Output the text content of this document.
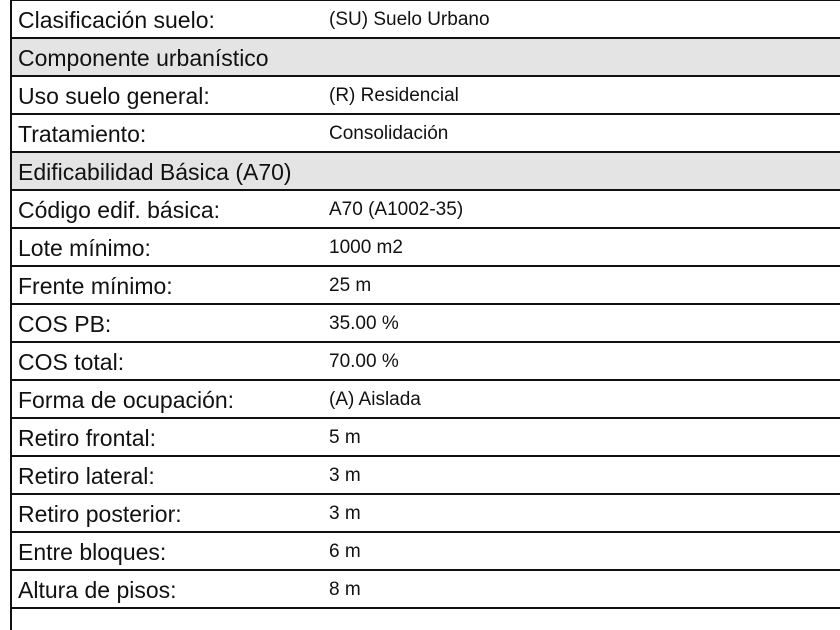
Clasificación suelo:	(SU) Suelo Urbano
Componente urbanístico
Uso suelo general:	(R) Residencial
Tratamiento:	Consolidación
Edificabilidad Básica (A70)
Código edif. básica:	A70 (A1002-35)
Lote mínimo:	1000 m2
Frente mínimo:	25 m
COS PB:	35.00 %
COS total:	70.00 %
Forma de ocupación:	(A) Aislada
Retiro frontal:	5 m
Retiro lateral:	3 m
Retiro posterior:	3 m
Entre bloques:	6 m
Altura de pisos:	8 m
